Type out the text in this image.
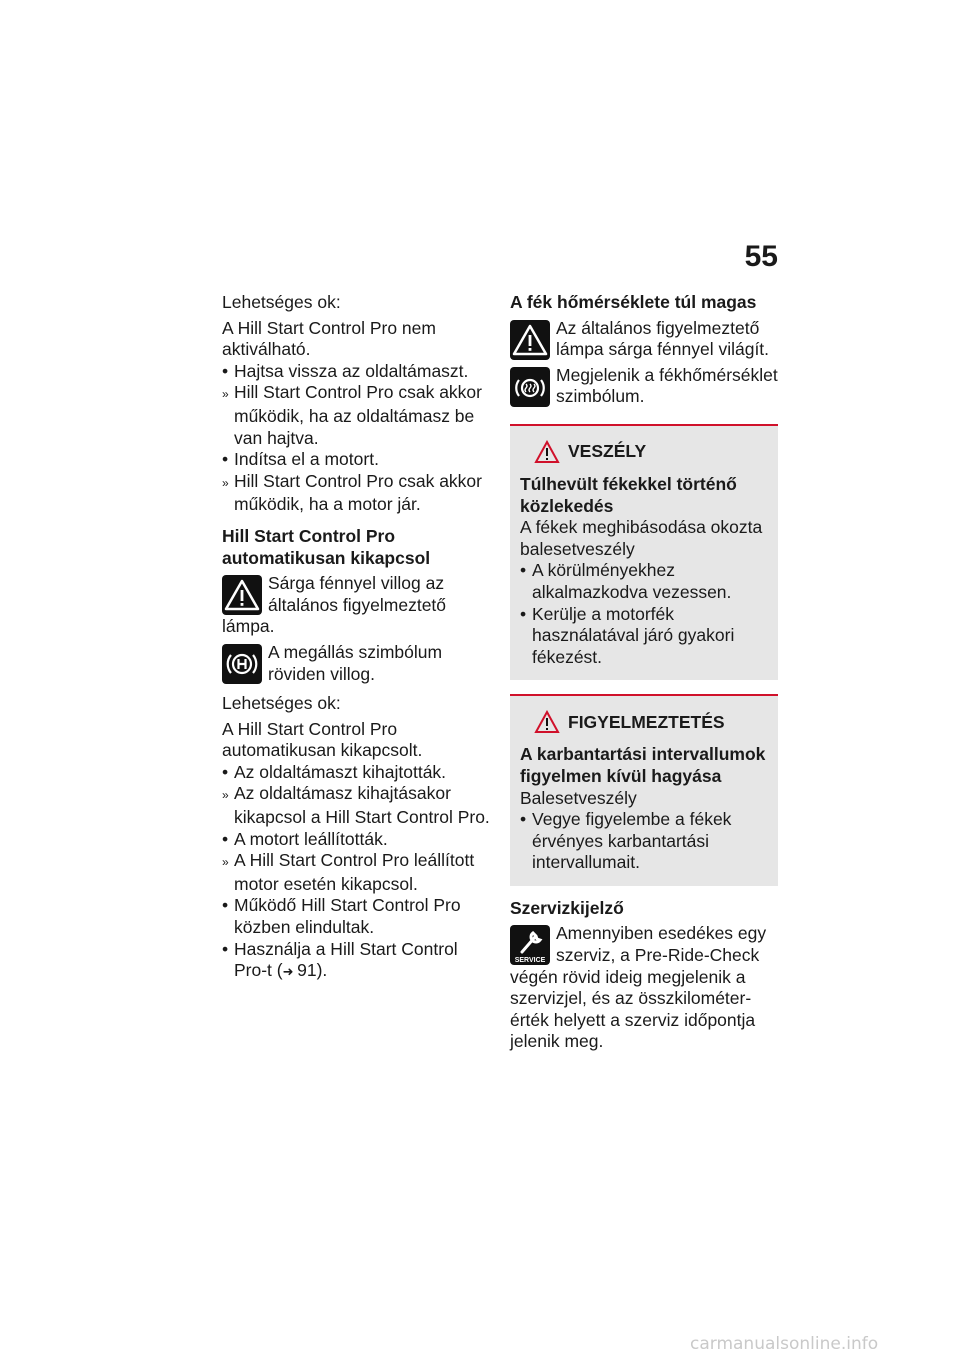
55

Lehetséges ok:

A Hill Start Control Pro nem aktiválható.

• Hajtsa vissza az oldaltámaszt.

» Hill Start Control Pro csak akkor működik, ha az oldaltámasz be van hajtva.

• Indítsa el a motort.

» Hill Start Control Pro csak akkor működik, ha a motor jár.

Hill Start Control Pro automatikusan kikapcsol

Sárga fénnyel villog az általános figyelmeztető lámpa.

A megállás szimbólum röviden villog.

Lehetséges ok:

A Hill Start Control Pro automatikusan kikapcsolt.

• Az oldaltámaszt kihajtották.

» Az oldaltámasz kihajtásakor kikapcsol a Hill Start Control Pro.

• A motort leállították.

» A Hill Start Control Pro leállított motor esetén kikapcsol.

• Működő Hill Start Control Pro közben elindultak.

• Használja a Hill Start Control Pro-t (➜ 91).

A fék hőmérséklete túl magas

Az általános figyelmeztető lámpa sárga fénnyel világít.

Megjelenik a fékhőmérséklet szimbólum.

VESZÉLY

Túlhevült fékekkel történő közlekedés

A fékek meghibásodása okozta balesetveszély

• A körülményekhez alkalmazkodva vezessen.

• Kerülje a motorfék használatával járó gyakori fékezést.

FIGYELMEZTETÉS

A karbantartási intervallumok figyelmen kívül hagyása

Balesetveszély

• Vegye figyelembe a fékek érvényes karbantartási intervallumait.

Szervizkijelző

SERVICE

Amennyiben esedékes egy szerviz, a Pre-Ride-Check végén rövid ideig megjelenik a szervizjel, és az összkilométer-érték helyett a szerviz időpontja jelenik meg.

carmanualsonline.info
